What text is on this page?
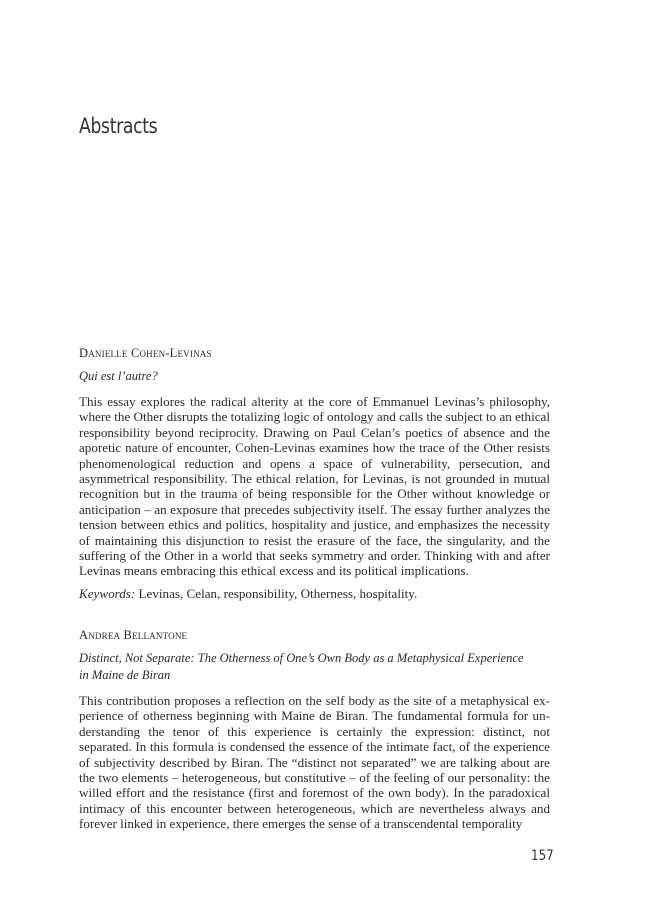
Abstracts

Danielle Cohen-Levinas

Qui est l’autre?

This essay explores the radical alterity at the core of Emmanuel Levinas’s philosophy, where the Other disrupts the totalizing logic of ontology and calls the subject to an ethical responsibility beyond reciprocity. Drawing on Paul Celan’s poetics of absence and the aporetic nature of encounter, Cohen-Levinas examines how the trace of the Other resists phenomenological reduction and opens a space of vulnerability, persecution, and asymmetrical responsibility. The ethical relation, for Levinas, is not grounded in mutual recognition but in the trauma of being responsible for the Other without knowledge or anticipation – an exposure that precedes subjectivity itself. The essay further analyzes the tension between ethics and politics, hospitality and justice, and emphasizes the necessity of maintaining this disjunction to resist the erasure of the face, the singularity, and the suffering of the Other in a world that seeks symmetry and order. Thinking with and after Levinas means embracing this ethical excess and its political implications.

Keywords: Levinas, Celan, responsibility, Otherness, hospitality.

Andrea Bellantone

Distinct, Not Separate: The Otherness of One’s Own Body as a Metaphysical Experience
in Maine de Biran

This contribution proposes a reflection on the self body as the site of a metaphysical experience of otherness beginning with Maine de Biran. The fundamental formula for understanding the tenor of this experience is certainly the expression: distinct, not separated. In this formula is condensed the essence of the intimate fact, of the experience of subjectivity described by Biran. The “distinct not separated” we are talking about are the two elements – heterogeneous, but constitutive – of the feeling of our personality: the willed effort and the resistance (first and foremost of the own body). In the paradoxical intimacy of this encounter between heterogeneous, which are nevertheless always and forever linked in experience, there emerges the sense of a transcendental temporality

157
